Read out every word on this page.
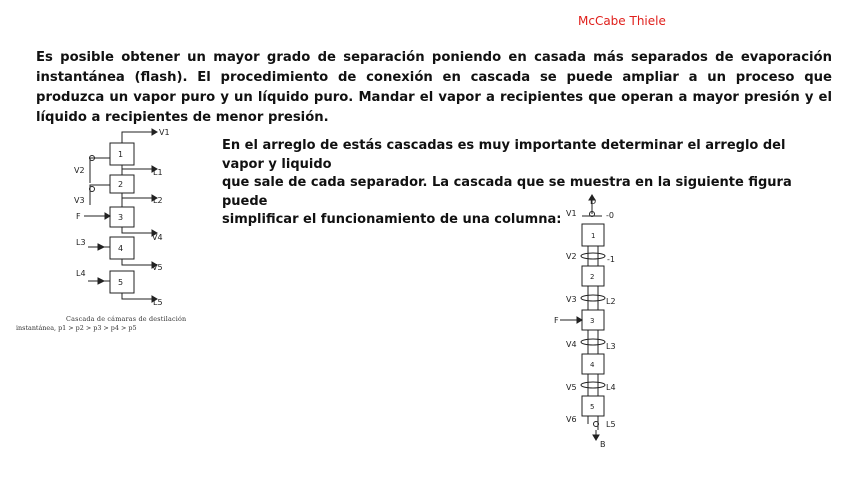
McCabe Thiele

Es posible obtener un mayor grado de separación poniendo en casada más separados de evaporación instantánea (flash). El procedimiento de conexión en cascada se puede ampliar a un proceso que produzca un vapor puro y un líquido puro. Mandar el vapor a recipientes que operan a mayor presión y el líquido a recipientes de menor presión.

En el arreglo de estás cascadas es muy importante determinar el arreglo del vapor y liquido
que sale de cada separador. La cascada que se muestra en la siguiente figura puede
simplificar el funcionamiento de una columna:

V1
1
L1
V2
2
L2
V3
3
F
V4
4
L3
V5
5
L4
L5
Cascada de cámaras de destilación
instantánea, p1 > p2 > p3 > p4 > p5
D
V1	-0
1
V2	-1
2
V3	L2
3
F
V4	L3
4
V5	L4
5
V6
L5
B
